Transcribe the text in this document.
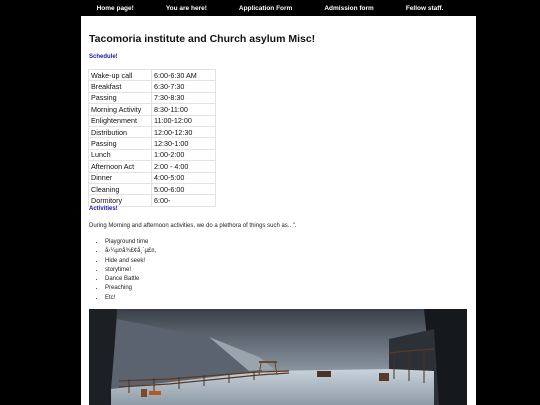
Home page!	You are here!	Application Form	Admission form	Fellow staff.
Tacomoria institute and Church asylum Misc!
Schedule!
Wake-up call	6:00-6:30 AM
Breakfast	6:30-7:30
Passing	7:30-8:30
Morning Activity	8:30-11:00
Enlightenment	11:00-12:00
Distribution	12:00-12:30
Passing	12:30-1:00
Lunch	1:00-2:00
Afternoon Act	2:00 - 4:00
Dinner	4:00-5:00
Cleaning	5:00-6:00
Dormitory	6:00-
Activities!

During Morning and afternoon activities, we do a plethora of things such as.. ".

• Playground time
• å›¼µ¤å¾£¢å¸´µ£¤,
• Hide and seek!
• storytime!
• Dance Battle
• Preaching
• Etc!
